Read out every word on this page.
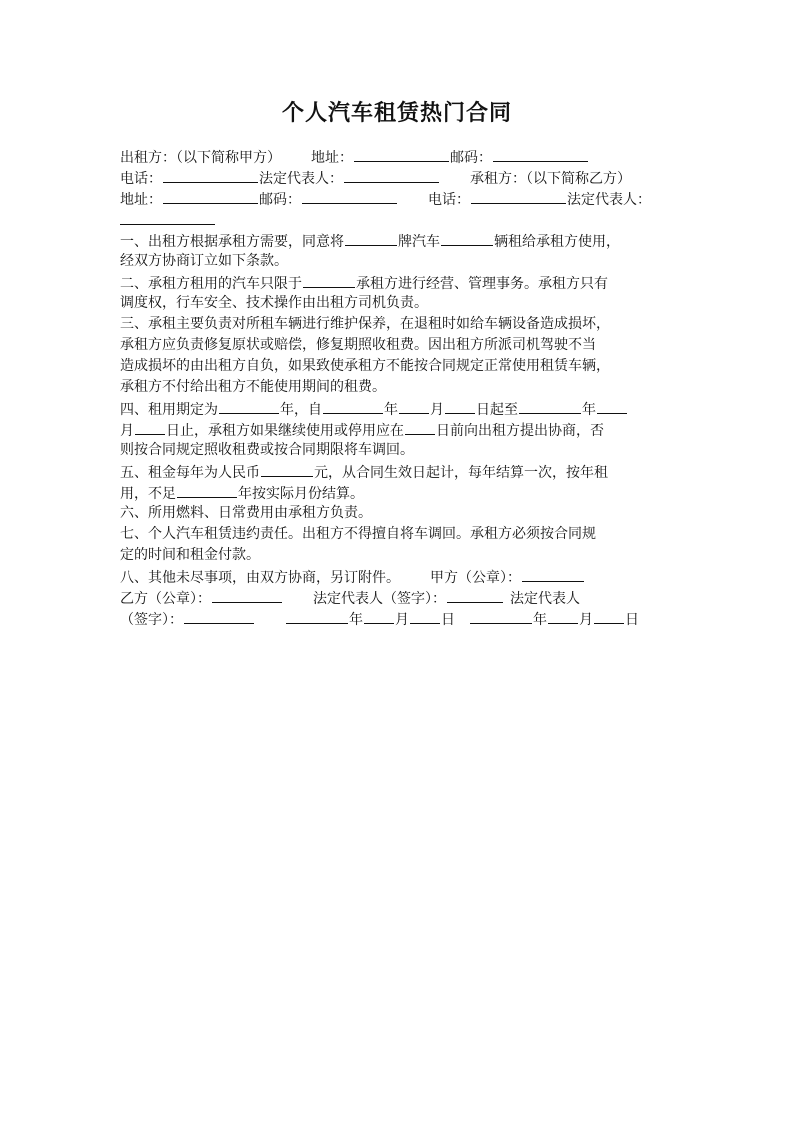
个人汽车租赁热门合同
出租方：（以下简称甲方） 地址：	邮码：
电话：	法定代表人：	承租方：（以下简称乙方）
地址：	邮码：	电话：	法定代表人：
一、出租方根据承租方需要，同意将	牌汽车	辆租给承租方使用，
经双方协商订立如下条款。
二、承租方租用的汽车只限于	承租方进行经营、管理事务。承租方只有
调度权，行车安全、技术操作由出租方司机负责。
三、承租主要负责对所租车辆进行维护保养，在退租时如给车辆设备造成损坏，
承租方应负责修复原状或赔偿，修复期照收租费。因出租方所派司机驾驶不当
造成损坏的由出租方自负，如果致使承租方不能按合同规定正常使用租赁车辆，
承租方不付给出租方不能使用期间的租费。
四、租用期定为	年，自	年 月 日起至	年
月 日止，承租方如果继续使用或停用应在 日前向出租方提出协商，否
则按合同规定照收租费或按合同期限将车调回。
五、租金每年为人民币	元，从合同生效日起计，每年结算一次，按年租
用，不足	年按实际月份结算。
六、所用燃料、日常费用由承租方负责。
七、个人汽车租赁违约责任。出租方不得擅自将车调回。承租方必须按合同规
定的时间和租金付款。
八、其他未尽事项，由双方协商，另订附件。 甲方（公章）：
乙方（公章）：	法定代表人（签字）：	法定代表人
（签字）：	年 月 日	年 月 日
